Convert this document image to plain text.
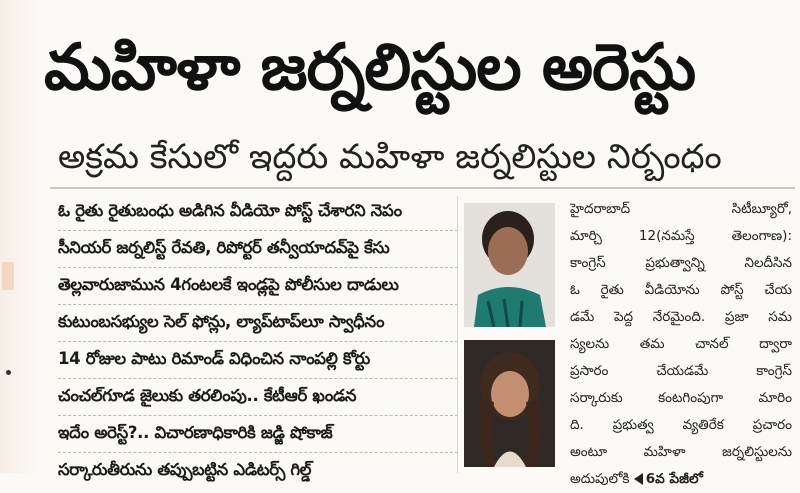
మహిళా జర్నలిస్టుల అరెస్టు
అక్రమ కేసులో ఇద్దరు మహిళా జర్నలిస్టుల నిర్బంధం
ఓ రైతు రైతుబంధు అడిగిన వీడియో పోస్ట్‌ చేశారని నెపం
సీనియర్‌ జర్నలిస్ట్‌ రేవతి, రిపోర్టర్‌ తన్వీయాదవ్‌పై కేసు
తెల్లవారుజామున 4గంటలకే ఇండ్లపై పోలీసుల దాడులు
కుటుంబసభ్యుల సెల్‌ ఫోన్లు, ల్యాప్‌టాప్‌లూ స్వాధీనం
14 రోజుల పాటు రిమాండ్‌ విధించిన నాంపల్లి కోర్టు
చంచల్‌గూడ జైలుకు తరలింపు.. కేటీఆర్‌ ఖండన
ఇదేం అరెస్ట్‌?.. విచారణాధికారికి జడ్జి షోకాజ్‌
సర్కారుతీరును తప్పుబట్టిన ఎడిటర్స్‌ గిల్డ్‌
హైదరాబాద్‌ సిటీబ్యూరో,
మార్చి 12(నమస్తే తెలంగాణ):
కాంగ్రెస్‌ ప్రభుత్వాన్ని నిలదీసిన
ఓ రైతు వీడియోను పోస్ట్‌ చేయ
డమే పెద్ద నేరమైంది. ప్రజా సమ
స్యలను తమ చానల్‌ ద్వారా
ప్రసారం చేయడమే కాంగ్రెస్‌
సర్కారుకు కంటగింపుగా మారిం
ది. ప్రభుత్వ వ్యతిరేక ప్రచారం
అంటూ మహిళా జర్నలిస్టులను
అదుపులోకి 6వ పేజీలో
